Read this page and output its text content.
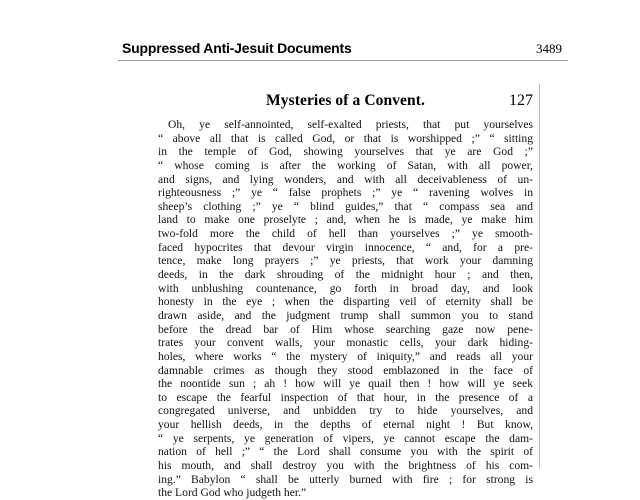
Suppressed Anti-Jesuit Documents	3489
Mysteries of a Convent.	127
Oh, ye self-annointed, self-exalted priests, that put yourselves
“ above all that is called God, or that is worshipped ;” “ sitting
in the temple of God, showing yourselves that ye are God ;”
“ whose coming is after the working of Satan, with all power,
and signs, and lying wonders, and with all deceivableness of un-
righteousness ;” ye “ false prophets ;” ye “ ravening wolves in
sheep’s clothing ;” ye “ blind guides,” that “ compass sea and
land to make one proselyte ; and, when he is made, ye make him
two-fold more the child of hell than yourselves ;” ye smooth-
faced hypocrites that devour virgin innocence, “ and, for a pre-
tence, make long prayers ;” ye priests, that work your damning
deeds, in the dark shrouding of the midnight hour ; and then,
with unblushing countenance, go forth in broad day, and look
honesty in the eye ; when the disparting veil of eternity shall be
drawn aside, and the judgment trump shall summon you to stand
before the dread bar of Him whose searching gaze now pene-
trates your convent walls, your monastic cells, your dark hiding-
holes, where works “ the mystery of iniquity,” and reads all your
damnable crimes as though they stood emblazoned in the face of
the noontide sun ; ah ! how will ye quail then ! how will ye seek
to escape the fearful inspection of that hour, in the presence of a
congregated universe, and unbidden try to hide yourselves, and
your hellish deeds, in the depths of eternal night ! But know,
“ ye serpents, ye generation of vipers, ye cannot escape the dam-
nation of hell ;” “ the Lord shall consume you with the spirit of
his mouth, and shall destroy you with the brightness of his com-
ing.” Babylon “ shall be utterly burned with fire ; for strong is
the Lord God who judgeth her.”
